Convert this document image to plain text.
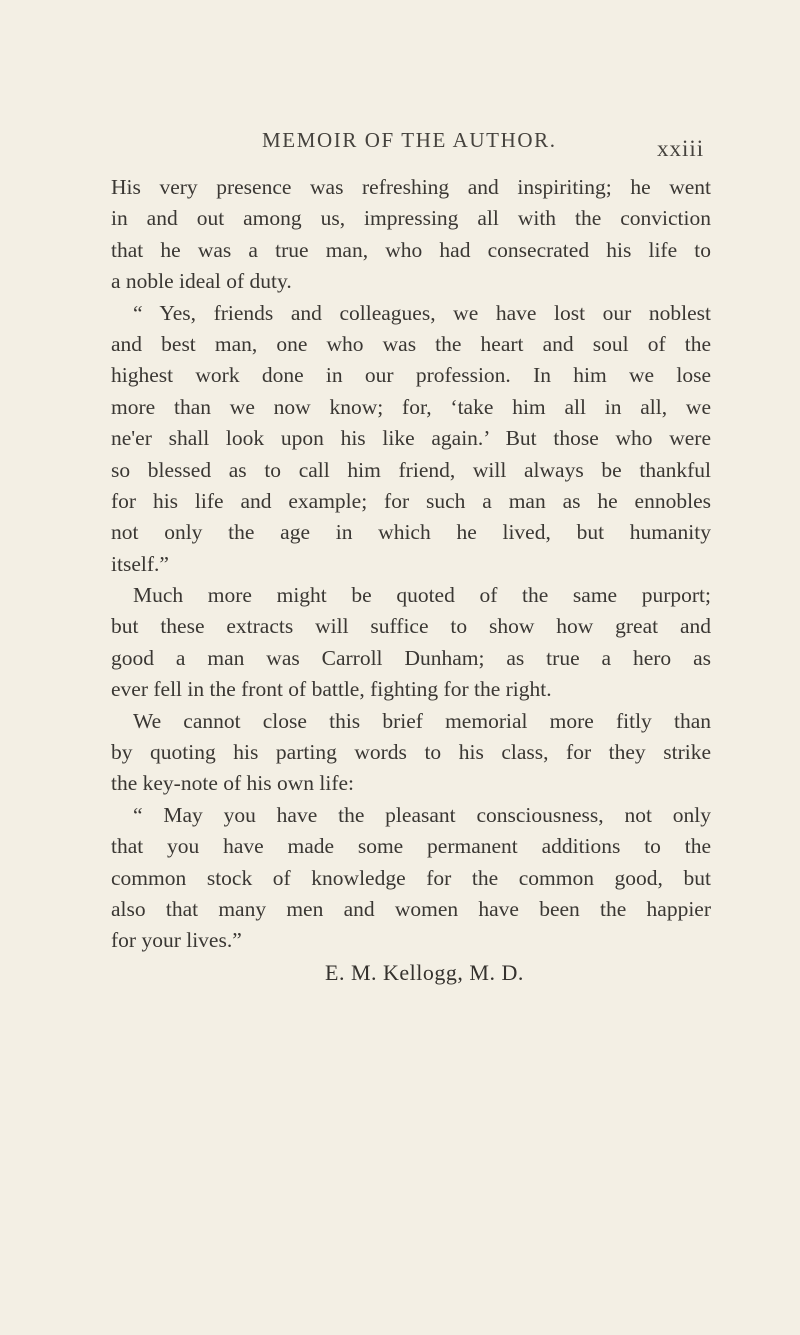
MEMOIR OF THE AUTHOR.	xxiii
His very presence was refreshing and inspiriting; he went
in and out among us, impressing all with the conviction
that he was a true man, who had consecrated his life to
a noble ideal of duty.
“ Yes, friends and colleagues, we have lost our noblest
and best man, one who was the heart and soul of the
highest work done in our profession. In him we lose
more than we now know; for, ‘take him all in all, we
ne'er shall look upon his like again.’ But those who were
so blessed as to call him friend, will always be thankful
for his life and example; for such a man as he ennobles
not only the age in which he lived, but humanity
itself.”
Much more might be quoted of the same purport;
but these extracts will suffice to show how great and
good a man was Carroll Dunham; as true a hero as
ever fell in the front of battle, fighting for the right.
We cannot close this brief memorial more fitly than
by quoting his parting words to his class, for they strike
the key-note of his own life:
“ May you have the pleasant consciousness, not only
that you have made some permanent additions to the
common stock of knowledge for the common good, but
also that many men and women have been the happier
for your lives.”
E. M. Kellogg, M. D.
